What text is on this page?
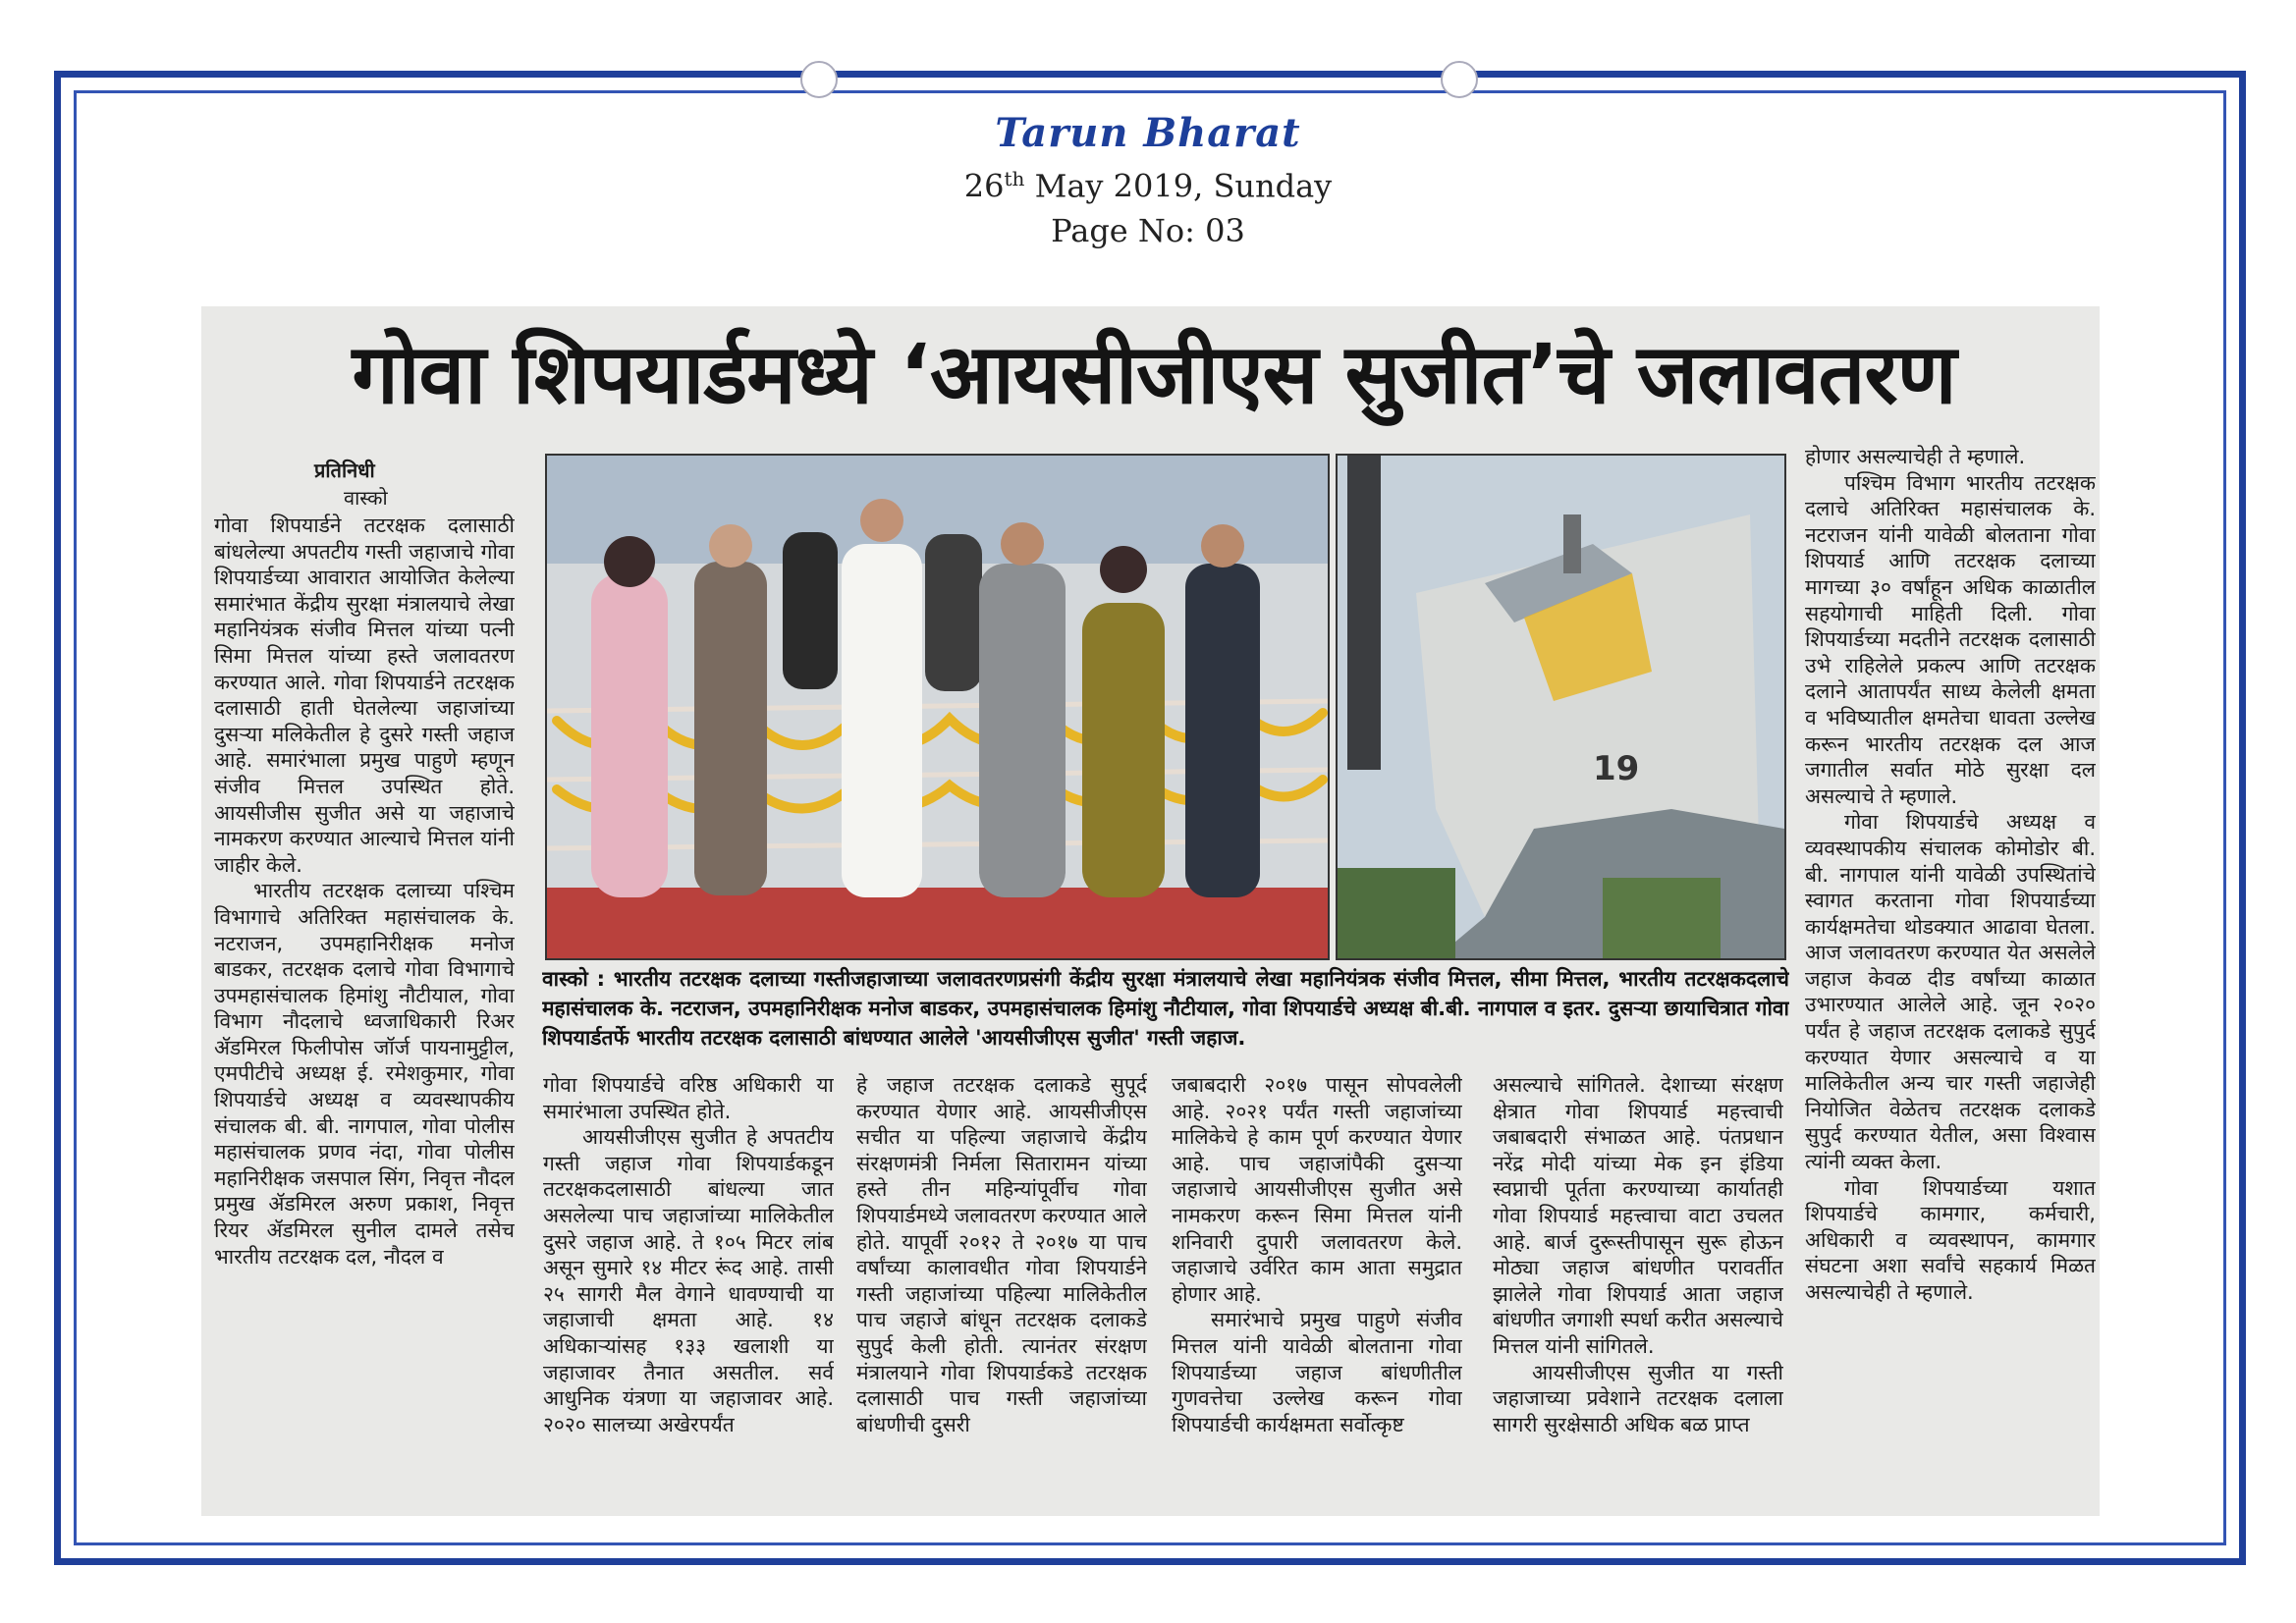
Tarun Bharat
26th May 2019, Sunday
Page No: 03
गोवा शिपयार्डमध्ये ‘आयसीजीएस सुजीत’चे जलावतरण
प्रतिनिधी
वास्को

गोवा शिपयार्डने तटरक्षक दलासाठी बांधलेल्या अपतटीय गस्ती जहाजाचे गोवा शिपयार्डच्या आवारात आयोजित केलेल्या समारंभात केंद्रीय सुरक्षा मंत्रालयाचे लेखा महानियंत्रक संजीव मित्तल यांच्या पत्नी सिमा मित्तल यांच्या हस्ते जलावतरण करण्यात आले. गोवा शिपयार्डने तटरक्षक दलासाठी हाती घेतलेल्या जहाजांच्या दुसऱ्या मलिकेतील हे दुसरे गस्ती जहाज आहे. समारंभाला प्रमुख पाहुणे म्हणून संजीव मित्तल उपस्थित होते. आयसीजीस सुजीत असे या जहाजाचे नामकरण करण्यात आल्याचे मित्तल यांनी जाहीर केले.

भारतीय तटरक्षक दलाच्या पश्चिम विभागाचे अतिरिक्त महासंचालक के. नटराजन, उपमहानिरीक्षक मनोज बाडकर, तटरक्षक दलाचे गोवा विभागाचे उपमहासंचालक हिमांशु नौटीयाल, गोवा विभाग नौदलाचे ध्वजाधिकारी रिअर ॲडमिरल फिलीपोस जॉर्ज पायनामुट्टील, एमपीटीचे अध्यक्ष ई. रमेशकुमार, गोवा शिपयार्डचे अध्यक्ष व व्यवस्थापकीय संचालक बी. बी. नागपाल, गोवा पोलीस महासंचालक प्रणव नंदा, गोवा पोलीस महानिरीक्षक जसपाल सिंग, निवृत्त नौदल प्रमुख ॲडमिरल अरुण प्रकाश, निवृत्त रियर ॲडमिरल सुनील दामले तसेच भारतीय तटरक्षक दल, नौदल व

19
वास्को : भारतीय तटरक्षक दलाच्या गस्तीजहाजाच्या जलावतरणप्रसंगी केंद्रीय सुरक्षा मंत्रालयाचे लेखा महानियंत्रक संजीव मित्तल, सीमा मित्तल, भारतीय तटरक्षकदलाचे महासंचालक के. नटराजन, उपमहानिरीक्षक मनोज बाडकर, उपमहासंचालक हिमांशु नौटीयाल, गोवा शिपयार्डचे अध्यक्ष बी.बी. नागपाल व इतर. दुसऱ्या छायाचित्रात गोवा शिपयार्डतर्फे भारतीय तटरक्षक दलासाठी बांधण्यात आलेले 'आयसीजीएस सुजीत' गस्ती जहाज.

गोवा शिपयार्डचे वरिष्ठ अधिकारी या समारंभाला उपस्थित होते.

आयसीजीएस सुजीत हे अपतटीय गस्ती जहाज गोवा शिपयार्डकडून तटरक्षकदलासाठी बांधल्या जात असलेल्या पाच जहाजांच्या मालिकेतील दुसरे जहाज आहे. ते १०५ मिटर लांब असून सुमारे १४ मीटर रूंद आहे. तासी २५ सागरी मैल वेगाने धावण्याची या जहाजाची क्षमता आहे. १४ अधिकाऱ्यांसह १३३ खलाशी या जहाजावर तैनात असतील. सर्व आधुनिक यंत्रणा या जहाजावर आहे. २०२० सालच्या अखेरपर्यंत

हे जहाज तटरक्षक दलाकडे सुपूर्द करण्यात येणार आहे. आयसीजीएस सचीत या पहिल्या जहाजाचे केंद्रीय संरक्षणमंत्री निर्मला सितारामन यांच्या हस्ते तीन महिन्यांपूर्वीच गोवा शिपयार्डमध्ये जलावतरण करण्यात आले होते. यापूर्वी २०१२ ते २०१७ या पाच वर्षांच्या कालावधीत गोवा शिपयार्डने गस्ती जहाजांच्या पहिल्या मालिकेतील पाच जहाजे बांधून तटरक्षक दलाकडे सुपुर्द केली होती. त्यानंतर संरक्षण मंत्रालयाने गोवा शिपयार्डकडे तटरक्षक दलासाठी पाच गस्ती जहाजांच्या बांधणीची दुसरी

जबाबदारी २०१७ पासून सोपवलेली आहे. २०२१ पर्यंत गस्ती जहाजांच्या मालिकेचे हे काम पूर्ण करण्यात येणार आहे. पाच जहाजांपैकी दुसऱ्या जहाजाचे आयसीजीएस सुजीत असे नामकरण करून सिमा मित्तल यांनी शनिवारी दुपारी जलावतरण केले. जहाजाचे उर्वरित काम आता समुद्रात होणार आहे.

समारंभाचे प्रमुख पाहुणे संजीव मित्तल यांनी यावेळी बोलताना गोवा शिपयार्डच्या जहाज बांधणीतील गुणवत्तेचा उल्लेख करून गोवा शिपयार्डची कार्यक्षमता सर्वोत्कृष्ट

असल्याचे सांगितले. देशाच्या संरक्षण क्षेत्रात गोवा शिपयार्ड महत्त्वाची जबाबदारी संभाळत आहे. पंतप्रधान नरेंद्र मोदी यांच्या मेक इन इंडिया स्वप्नाची पूर्तता करण्याच्या कार्यातही गोवा शिपयार्ड महत्त्वाचा वाटा उचलत आहे. बार्ज दुरूस्तीपासून सुरू होऊन मोठ्या जहाज बांधणीत परावर्तीत झालेले गोवा शिपयार्ड आता जहाज बांधणीत जगाशी स्पर्धा करीत असल्याचे मित्तल यांनी सांगितले.

आयसीजीएस सुजीत या गस्ती जहाजाच्या प्रवेशाने तटरक्षक दलाला सागरी सुरक्षेसाठी अधिक बळ प्राप्त

होणार असल्याचेही ते म्हणाले.

पश्चिम विभाग भारतीय तटरक्षक दलाचे अतिरिक्त महासंचालक के. नटराजन यांनी यावेळी बोलताना गोवा शिपयार्ड आणि तटरक्षक दलाच्या मागच्या ३० वर्षांहून अधिक काळातील सहयोगाची माहिती दिली. गोवा शिपयार्डच्या मदतीने तटरक्षक दलासाठी उभे राहिलेले प्रकल्प आणि तटरक्षक दलाने आतापर्यंत साध्य केलेली क्षमता व भविष्यातील क्षमतेचा धावता उल्लेख करून भारतीय तटरक्षक दल आज जगातील सर्वात मोठे सुरक्षा दल असल्याचे ते म्हणाले.

गोवा शिपयार्डचे अध्यक्ष व व्यवस्थापकीय संचालक कोमोडोर बी. बी. नागपाल यांनी यावेळी उपस्थितांचे स्वागत करताना गोवा शिपयार्डच्या कार्यक्षमतेचा थोडक्यात आढावा घेतला. आज जलावतरण करण्यात येत असलेले जहाज केवळ दीड वर्षांच्या काळात उभारण्यात आलेले आहे. जून २०२० पर्यंत हे जहाज तटरक्षक दलाकडे सुपुर्द करण्यात येणार असल्याचे व या मालिकेतील अन्य चार गस्ती जहाजेही नियोजित वेळेतच तटरक्षक दलाकडे सुपुर्द करण्यात येतील, असा विश्वास त्यांनी व्यक्त केला.

गोवा शिपयार्डच्या यशात शिपयार्डचे कामगार, कर्मचारी, अधिकारी व व्यवस्थापन, कामगार संघटना अशा सर्वांचे सहकार्य मिळत असल्याचेही ते म्हणाले.
